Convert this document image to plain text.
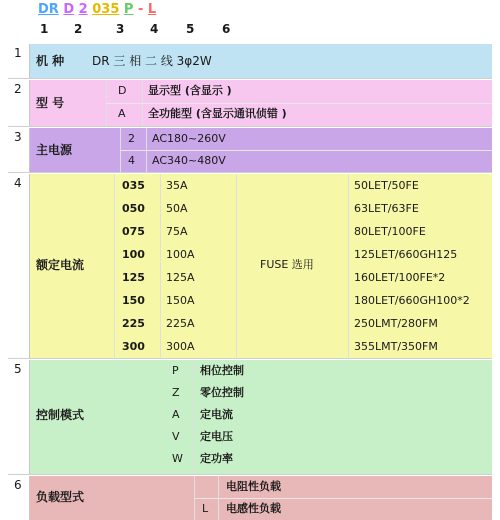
DR D 2 035 P - L
1 2	3 4 5 6
1
机 种 DR 三 相 二 线 3φ2W
2
型 号
D 显示型 (含显示 )
A 全功能型 (含显示通讯侦错 )
3
主电源
2 AC180~260V
4 AC340~480V
4
额定电流	FUSE 选用
035 35A	50LET/50FE
050 50A	63LET/63FE
075 75A	80LET/100FE
100 100A	125LET/660GH125
125 125A	160LET/100FE*2
150 150A	180LET/660GH100*2
225 225A	250LMT/280FM
300 300A	355LMT/350FM
5
控制模式
P 相位控制
Z 零位控制
A 定电流
V 定电压
W 定功率
6
负载型式
电阻性负载
L 电感性负载
